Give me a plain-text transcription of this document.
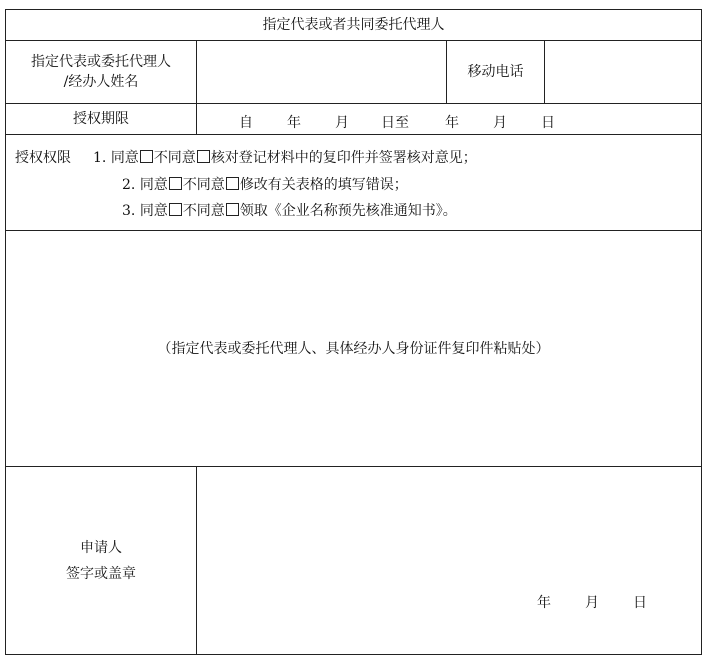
指定代表或者共同委托代理人
指定代表或委托代理人
/经办人姓名
移动电话
授权期限	自 年 月 日至	年 月 日
授权权限 1. 同意 不同意 核对登记材料中的复印件并签署核对意见；
2. 同意 不同意 修改有关表格的填写错误；
3. 同意 不同意 领取《企业名称预先核准通知书》。
（指定代表或委托代理人、具体经办人身份证件复印件粘贴处）
申请人
签字或盖章
年 月 日
